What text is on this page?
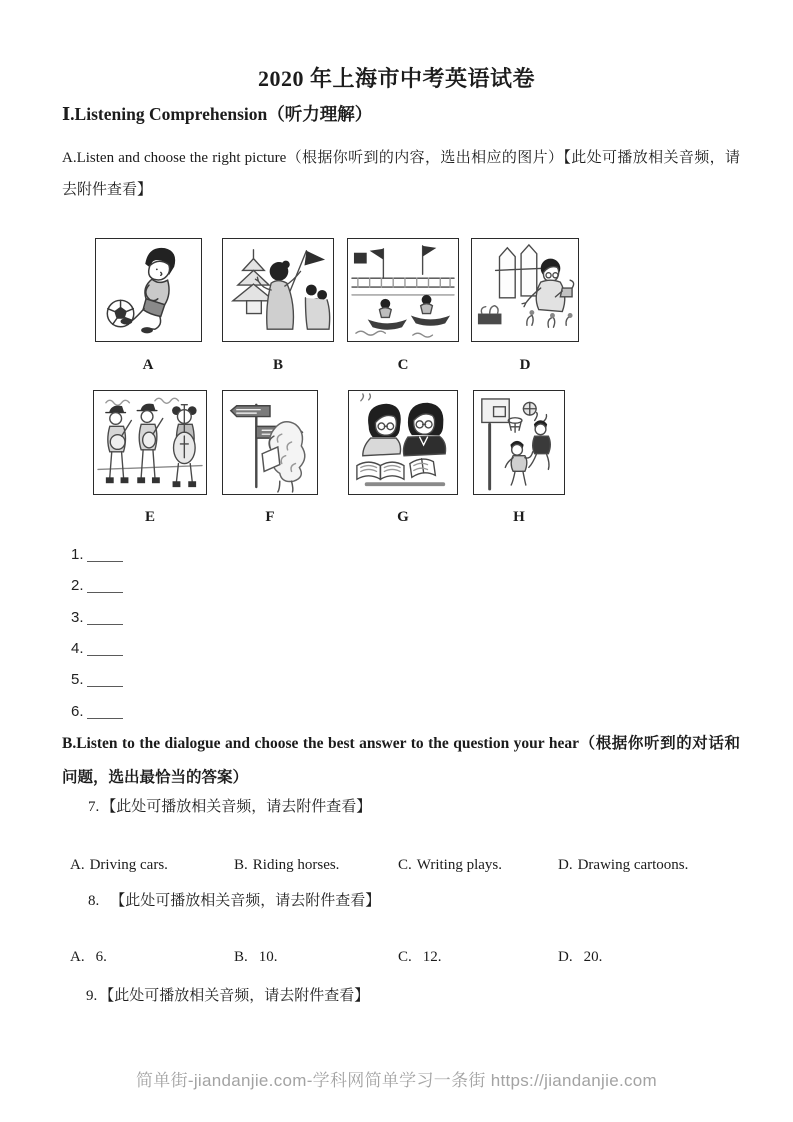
2020 年上海市中考英语试卷
Ⅰ.Listening Comprehension（听力理解）

A.Listen and choose the right picture（根据你听到的内容，选出相应的图片）【此处可播放相关音频，请去附件查看】

A	B	C	D
E	F	G	H
1.
2.
3.
4.
5.
6.

B.Listen to the dialogue and choose the best answer to the question your hear（根据你听到的对话和问题，选出最恰当的答案）

7. 【此处可播放相关音频，请去附件查看】
A. Driving cars.	B. Riding horses.	C. Writing plays.	D. Drawing cartoons.
8. 【此处可播放相关音频，请去附件查看】
A. 6.	B. 10.	C. 12.	D. 20.
9. 【此处可播放相关音频，请去附件查看】
简单街-jiandanjie.com-学科网简单学习一条街 https://jiandanjie.com
